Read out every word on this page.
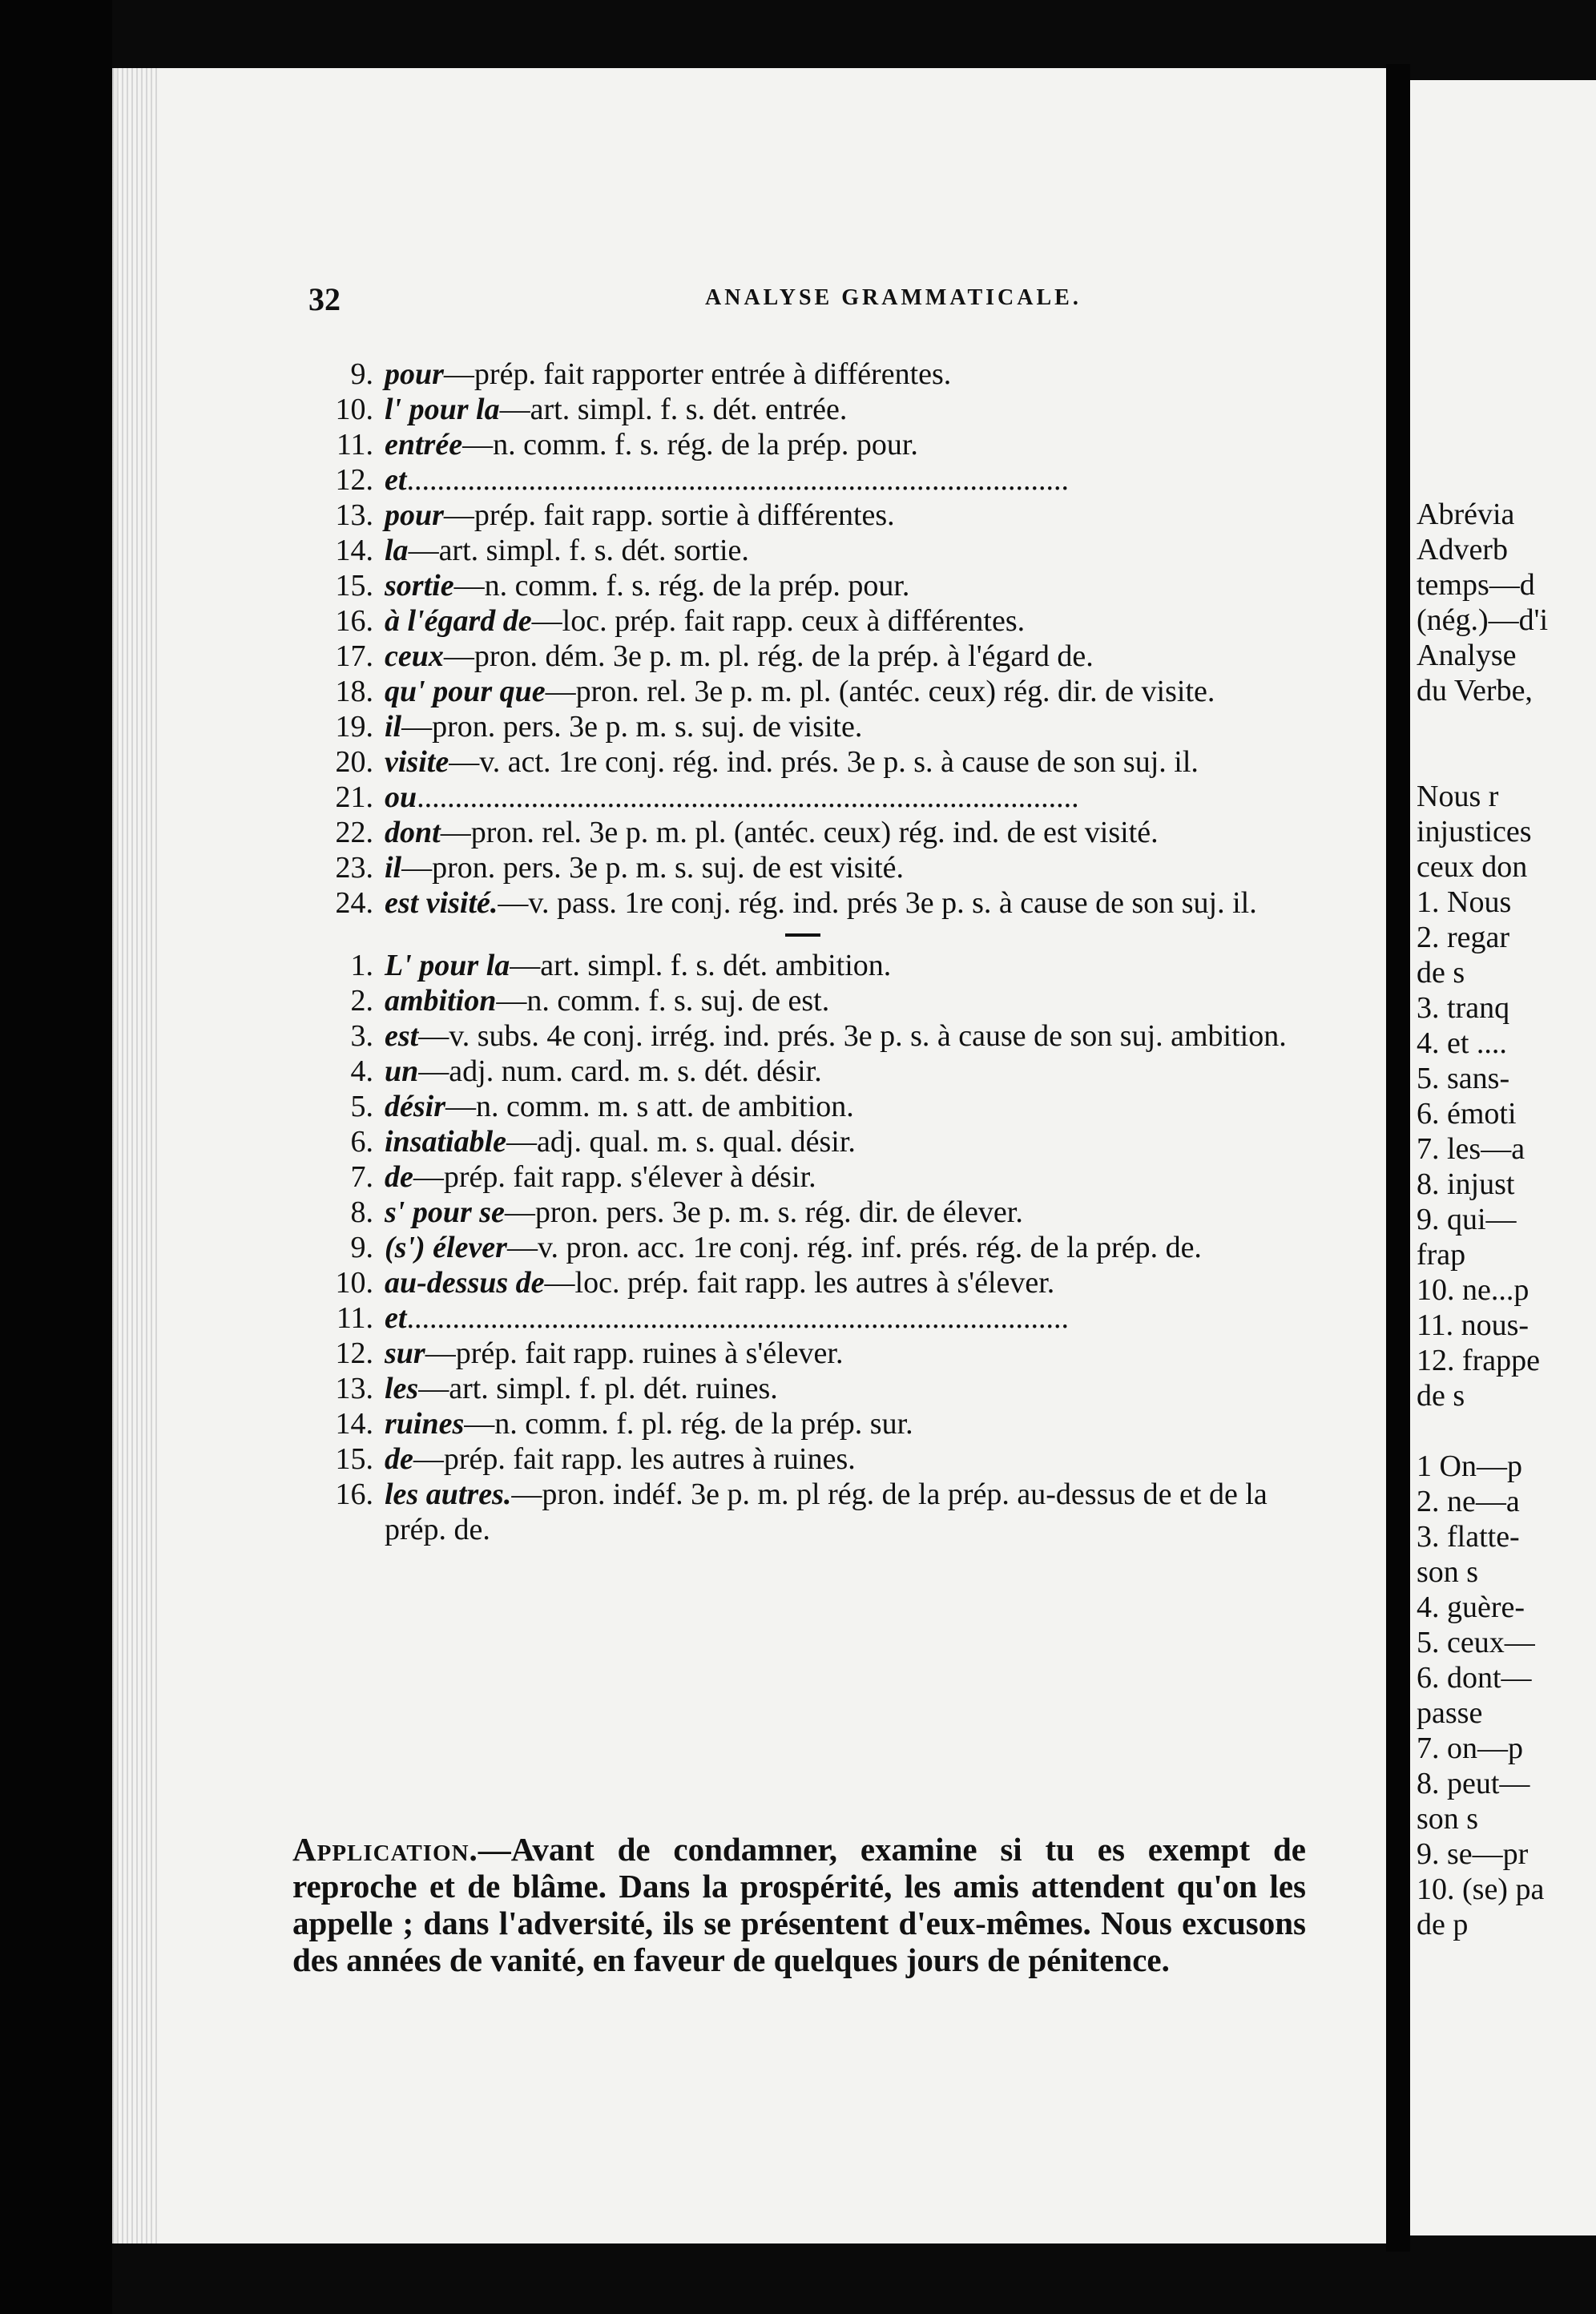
Abrévia
Adverb
temps—d
(nég.)—d'i
Analyse
du Verbe,
Nous r
injustices
ceux don
1. Nous
2. regar
de s
3. tranq
4. et ....
5. sans-
6. émoti
7. les—a
8. injust
9. qui—
frap
10. ne...p
11. nous-
12. frappe
de s
1 On—p
2. ne—a
3. flatte-
son s
4. guère-
5. ceux—
6. dont—
passe
7. on—p
8. peut—
son s
9. se—pr
10. (se) pa
de p
32	ANALYSE GRAMMATICALE.
9. pour—prép. fait rapporter entrée à différentes.
10. l' pour la—art. simpl. f. s. dét. entrée.
11. entrée—n. comm. f. s. rég. de la prép. pour.
12. et.......................................................................................
13. pour—prép. fait rapp. sortie à différentes.
14. la—art. simpl. f. s. dét. sortie.
15. sortie—n. comm. f. s. rég. de la prép. pour.
16. à l'égard de—loc. prép. fait rapp. ceux à différentes.
17. ceux—pron. dém. 3e p. m. pl. rég. de la prép. à l'égard de.
18. qu' pour que—pron. rel. 3e p. m. pl. (antéc. ceux) rég. dir. de visite.
19. il—pron. pers. 3e p. m. s. suj. de visite.
20. visite—v. act. 1re conj. rég. ind. prés. 3e p. s. à cause de son suj. il.
21. ou.......................................................................................
22. dont—pron. rel. 3e p. m. pl. (antéc. ceux) rég. ind. de est visité.
23. il—pron. pers. 3e p. m. s. suj. de est visité.
24. est visité.—v. pass. 1re conj. rég. ind. prés 3e p. s. à cause de son suj. il.
1. L' pour la—art. simpl. f. s. dét. ambition.
2. ambition—n. comm. f. s. suj. de est.
3. est—v. subs. 4e conj. irrég. ind. prés. 3e p. s. à cause de son suj. ambition.
4. un—adj. num. card. m. s. dét. désir.
5. désir—n. comm. m. s att. de ambition.
6. insatiable—adj. qual. m. s. qual. désir.
7. de—prép. fait rapp. s'élever à désir.
8. s' pour se—pron. pers. 3e p. m. s. rég. dir. de élever.
9. (s') élever—v. pron. acc. 1re conj. rég. inf. prés. rég. de la prép. de.
10. au-dessus de—loc. prép. fait rapp. les autres à s'élever.
11. et.......................................................................................
12. sur—prép. fait rapp. ruines à s'élever.
13. les—art. simpl. f. pl. dét. ruines.
14. ruines—n. comm. f. pl. rég. de la prép. sur.
15. de—prép. fait rapp. les autres à ruines.
16. les autres.—pron. indéf. 3e p. m. pl rég. de la prép. au-dessus de et de la prép. de.
Application.—Avant de condamner, examine si tu es exempt de reproche et de blâme. Dans la prospérité, les amis attendent qu'on les appelle ; dans l'adversité, ils se présentent d'eux-mêmes. Nous excusons des années de vanité, en faveur de quelques jours de pénitence.
